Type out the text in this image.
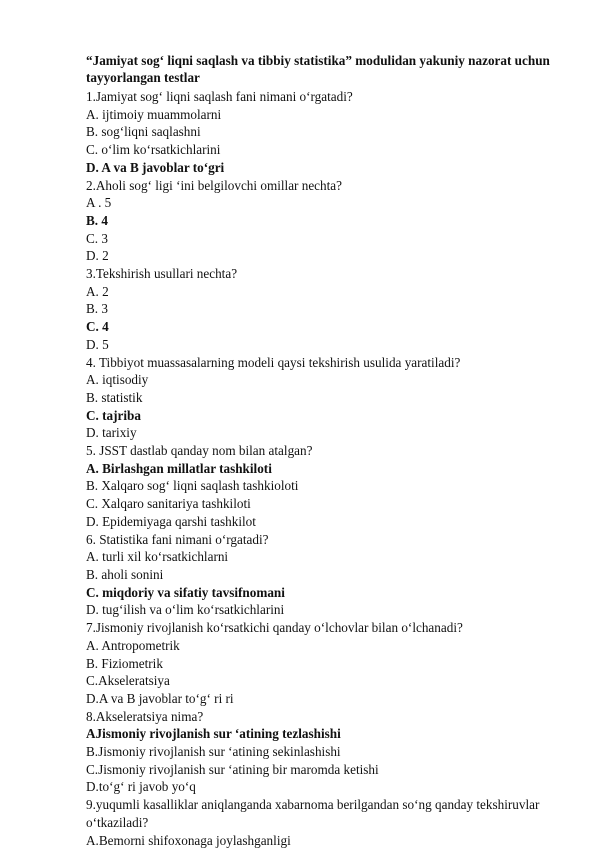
“Jamiyat sog‘ liqni saqlash va tibbiy statistika” modulidan yakuniy nazorat uchun tayyorlangan testlar
1.Jamiyat sog‘ liqni saqlash fani nimani o‘rgatadi?
A. ijtimoiy muammolarni
B. sog‘liqni saqlashni
C. o‘lim ko‘rsatkichlarini
D. A va B javoblar to‘gri
2.Aholi sog‘ ligi ‘ini belgilovchi omillar nechta?
A . 5
B. 4
C. 3
D. 2
3.Tekshirish usullari nechta?
A. 2
B. 3
C. 4
D. 5
4. Tibbiyot muassasalarning modeli qaysi tekshirish usulida yaratiladi?
A. iqtisodiy
B. statistik
C. tajriba
D. tarixiy
5. JSST dastlab qanday nom bilan atalgan?
A. Birlashgan millatlar tashkiloti
B. Xalqaro sog‘ liqni saqlash tashkioloti
C. Xalqaro sanitariya tashkiloti
D. Epidemiyaga qarshi tashkilot
6. Statistika fani nimani o‘rgatadi?
A. turli xil ko‘rsatkichlarni
B. aholi sonini
C. miqdoriy va sifatiy tavsifnomani
D. tug‘ilish va o‘lim ko‘rsatkichlarini
7.Jismoniy rivojlanish ko‘rsatkichi qanday o‘lchovlar bilan o‘lchanadi?
A. Antropometrik
B. Fiziometrik
C.Akseleratsiya
D.A va B javoblar to‘g‘ ri ri
8.Akseleratsiya nima?
AJismoniy rivojlanish sur ‘atining tezlashishi
B.Jismoniy rivojlanish sur ‘atining sekinlashishi
C.Jismoniy rivojlanish sur ‘atining bir maromda ketishi
D.to‘g‘ ri javob yo‘q
9.yuqumli kasalliklar aniqlanganda xabarnoma berilgandan so‘ng qanday tekshiruvlar o‘tkaziladi?
A.Bemorni shifoxonaga joylashganligi
